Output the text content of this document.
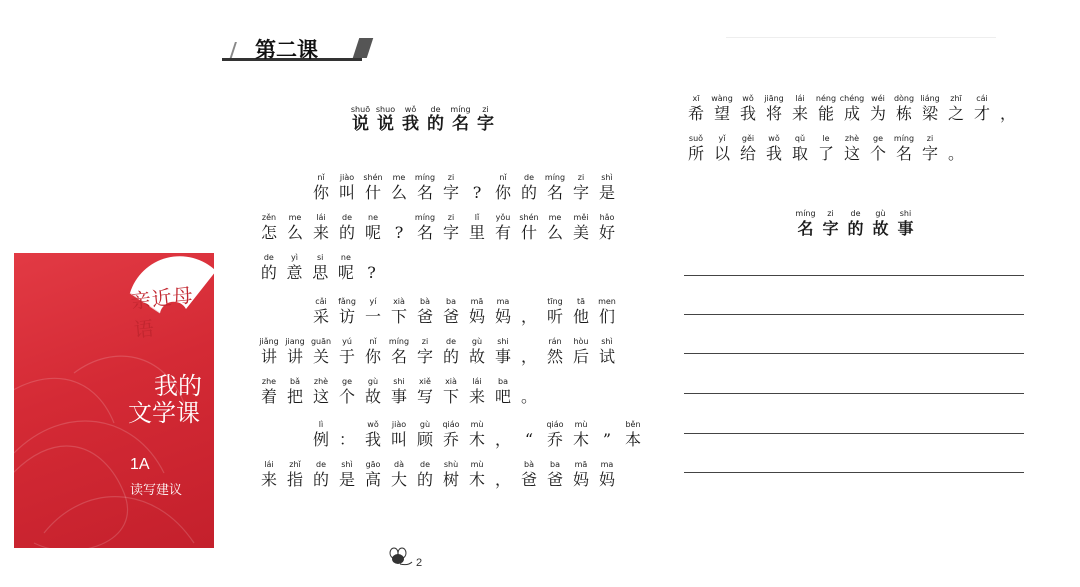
亲近母语
我的
文学课
1A
读写建议
第二课
shuō
说
shuo
说
wǒ
我
de
的
míng
名
zi
字

nǐ
你
jiào
叫
shén
什
me
么
míng
名
zi
字
?
nǐ
你
de
的
míng
名
zi
字
shì
是
zěn
怎
me
么
lái
来
de
的
ne
呢
?
míng
名
zi
字
lǐ
里
yǒu
有
shén
什
me
么
měi
美
hǎo
好
de
的
yì
意
si
思
ne
呢
?

cǎi
采
fǎng
访
yí
一
xià
下
bà
爸
ba
爸
mā
妈
ma
妈
，
tīng
听
tā
他
men
们
jiǎng
讲
jiang
讲
guān
关
yú
于
nǐ
你
míng
名
zi
字
de
的
gù
故
shi
事
，
rán
然
hòu
后
shì
试
zhe
着
bǎ
把
zhè
这
ge
个
gù
故
shi
事
xiě
写
xià
下
lái
来
ba
吧
。

lì
例
：
wǒ
我
jiào
叫
gù
顾
qiáo
乔
mù
木
，
“
qiáo
乔
mù
木
”
běn
本
lái
来
zhǐ
指
de
的
shì
是
gāo
高
dà
大
de
的
shù
树
mù
木
，
bà
爸
ba
爸
mā
妈
ma
妈
xī
希
wàng
望
wǒ
我
jiāng
将
lái
来
néng
能
chéng
成
wéi
为
dòng
栋
liáng
梁
zhī
之
cái
才
，
suǒ
所
yǐ
以
gěi
给
wǒ
我
qǔ
取
le
了
zhè
这
ge
个
míng
名
zi
字
。
míng
名
zi
字
de
的
gù
故
shi
事
2
